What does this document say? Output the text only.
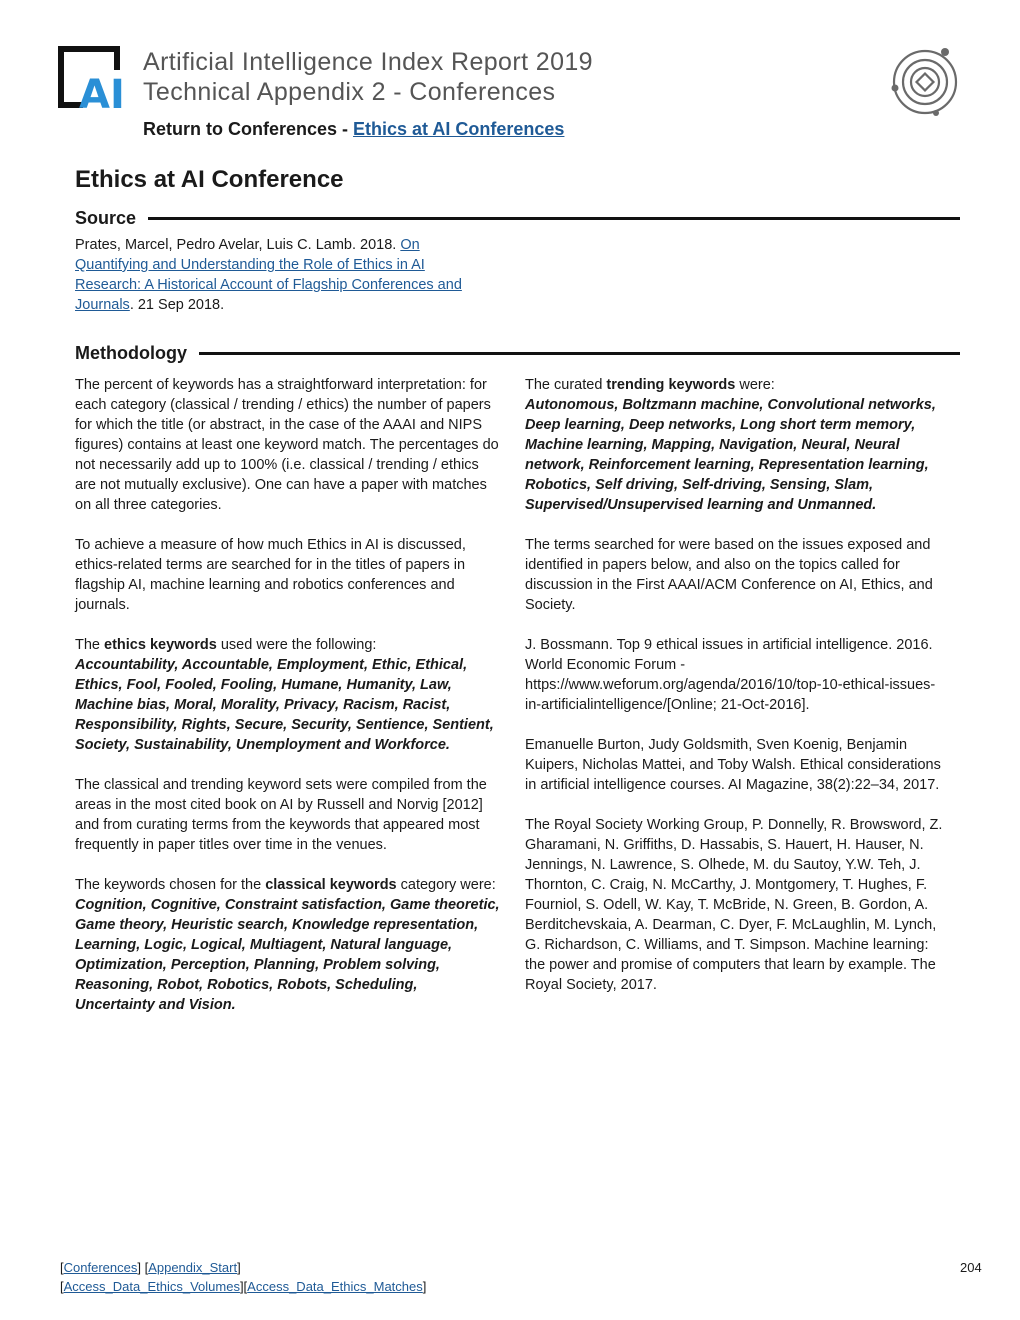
AI
Artificial Intelligence Index Report 2019
Technical Appendix 2 - Conferences
Return to Conferences - Ethics at AI Conferences
Ethics at AI Conference
Source
Prates, Marcel, Pedro Avelar, Luis C. Lamb. 2018. On Quantifying and Understanding the Role of Ethics in AI Research: A Historical Account of Flagship Conferences and Journals. 21 Sep 2018.
Methodology

The percent of keywords has a straightforward interpretation: for each category (classical / trending / ethics) the number of papers for which the title (or abstract, in the case of the AAAI and NIPS figures) contains at least one keyword match. The percentages do not necessarily add up to 100% (i.e. classical / trending / ethics are not mutually exclusive). One can have a paper with matches on all three categories.

To achieve a measure of how much Ethics in AI is discussed, ethics-related terms are searched for in the titles of papers in flagship AI, machine learning and robotics conferences and journals.

The ethics keywords used were the following:
Accountability, Accountable, Employment, Ethic, Ethical, Ethics, Fool, Fooled, Fooling, Humane, Humanity, Law, Machine bias, Moral, Morality, Privacy, Racism, Racist, Responsibility, Rights, Secure, Security, Sentience, Sentient, Society, Sustainability, Unemployment and Workforce.

The classical and trending keyword sets were compiled from the areas in the most cited book on AI by Russell and Norvig [2012] and from curating terms from the keywords that appeared most frequently in paper titles over time in the venues.

The keywords chosen for the classical keywords category were:
Cognition, Cognitive, Constraint satisfaction, Game theoretic, Game theory, Heuristic search, Knowledge representation, Learning, Logic, Logical, Multiagent, Natural language, Optimization, Perception, Planning, Problem solving, Reasoning, Robot, Robotics, Robots, Scheduling, Uncertainty and Vision.

The curated trending keywords were:
Autonomous, Boltzmann machine, Convolutional networks, Deep learning, Deep networks, Long short term memory, Machine learning, Mapping, Navigation, Neural, Neural network, Reinforcement learning, Representation learning, Robotics, Self driving, Self-driving, Sensing, Slam, Supervised/Unsupervised learning and Unmanned.

The terms searched for were based on the issues exposed and identified in papers below, and also on the topics called for discussion in the First AAAI/ACM Conference on AI, Ethics, and Society.

J. Bossmann. Top 9 ethical issues in artificial intelligence. 2016. World Economic Forum - https://www.weforum.org/agenda/2016/10/top-10-ethical-issues-in-artificialintelligence/[Online; 21-Oct-2016].

Emanuelle Burton, Judy Goldsmith, Sven Koenig, Benjamin Kuipers, Nicholas Mattei, and Toby Walsh. Ethical considerations in artificial intelligence courses. AI Magazine, 38(2):22–34, 2017.

The Royal Society Working Group, P. Donnelly, R. Browsword, Z. Gharamani, N. Griffiths, D. Hassabis, S. Hauert, H. Hauser, N. Jennings, N. Lawrence, S. Olhede, M. du Sautoy, Y.W. Teh, J. Thornton, C. Craig, N. McCarthy, J. Montgomery, T. Hughes, F. Fourniol, S. Odell, W. Kay, T. McBride, N. Green, B. Gordon, A. Berditchevskaia, A. Dearman, C. Dyer, F. McLaughlin, M. Lynch, G. Richardson, C. Williams, and T. Simpson. Machine learning: the power and promise of computers that learn by example. The Royal Society, 2017.

[Conferences] [Appendix_Start]
[Access_Data_Ethics_Volumes][Access_Data_Ethics_Matches]
204
